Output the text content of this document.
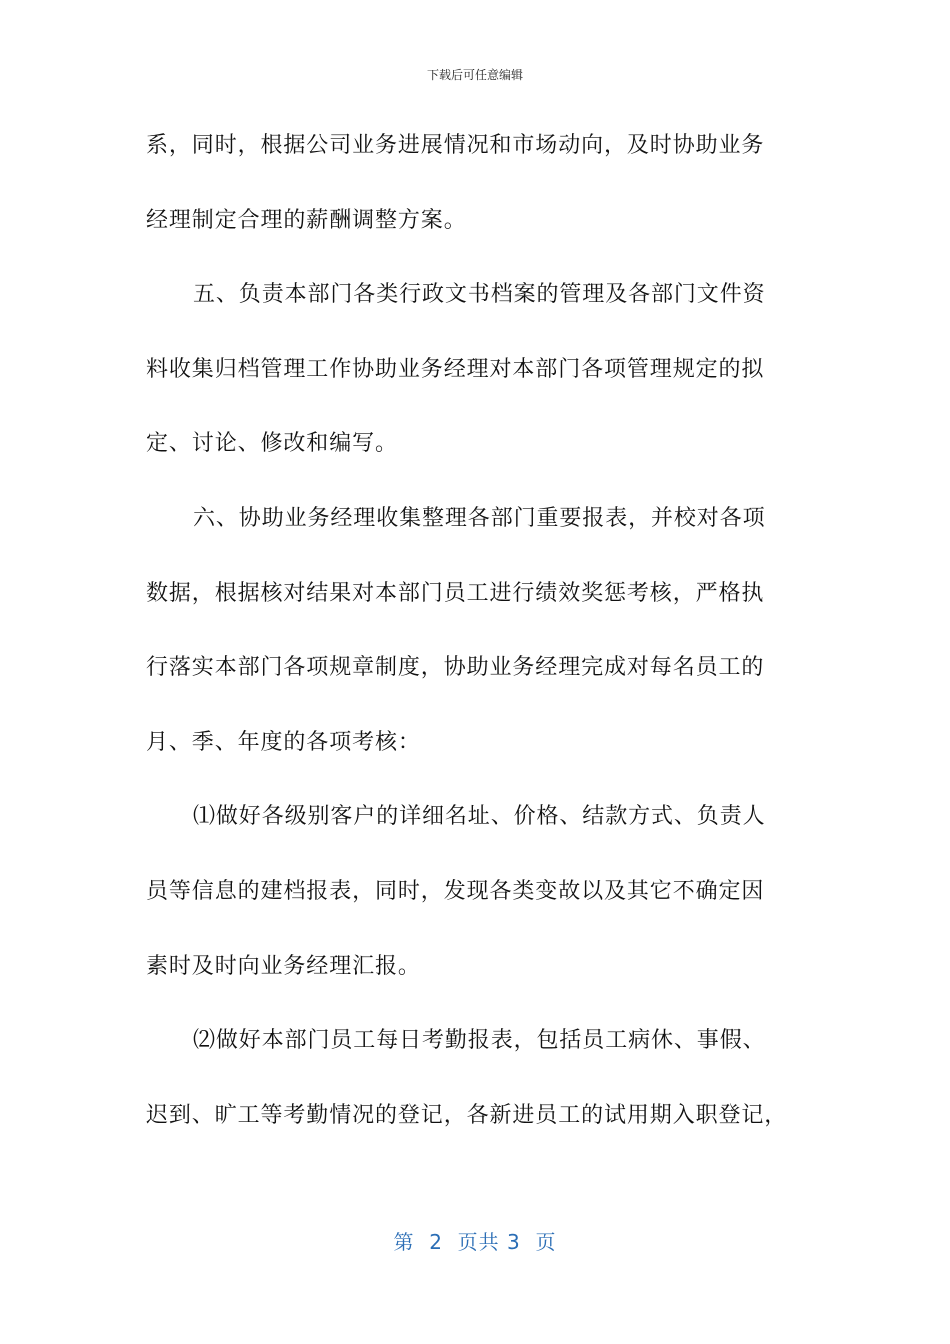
下载后可任意编辑
系，同时，根据公司业务进展情况和市场动向，及时协助业务
经理制定合理的薪酬调整方案。
五、负责本部门各类行政文书档案的管理及各部门文件资
料收集归档管理工作协助业务经理对本部门各项管理规定的拟
定、讨论、修改和编写。
六、协助业务经理收集整理各部门重要报表，并校对各项
数据，根据核对结果对本部门员工进行绩效奖惩考核，严格执
行落实本部门各项规章制度，协助业务经理完成对每名员工的
月、季、年度的各项考核：
⑴做好各级别客户的详细名址、价格、结款方式、负责人
员等信息的建档报表，同时，发现各类变故以及其它不确定因
素时及时向业务经理汇报。
⑵做好本部门员工每日考勤报表，包括员工病休、事假、
迟到、旷工等考勤情况的登记，各新进员工的试用期入职登记，
第  2  页共 3  页
